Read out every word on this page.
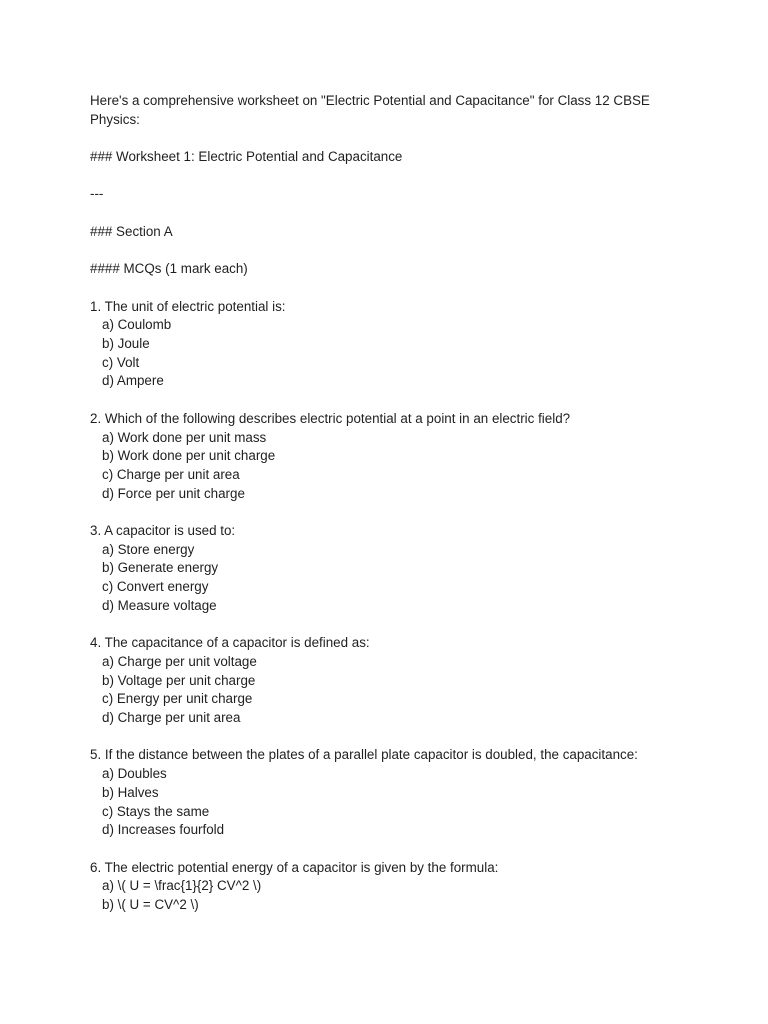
Here's a comprehensive worksheet on "Electric Potential and Capacitance" for Class 12 CBSE Physics:
### Worksheet 1: Electric Potential and Capacitance
---
### Section A
#### MCQs (1 mark each)
1. The unit of electric potential is:
a) Coulomb
b) Joule
c) Volt
d) Ampere
2. Which of the following describes electric potential at a point in an electric field?
a) Work done per unit mass
b) Work done per unit charge
c) Charge per unit area
d) Force per unit charge
3. A capacitor is used to:
a) Store energy
b) Generate energy
c) Convert energy
d) Measure voltage
4. The capacitance of a capacitor is defined as:
a) Charge per unit voltage
b) Voltage per unit charge
c) Energy per unit charge
d) Charge per unit area
5. If the distance between the plates of a parallel plate capacitor is doubled, the capacitance:
a) Doubles
b) Halves
c) Stays the same
d) Increases fourfold
6. The electric potential energy of a capacitor is given by the formula:
a) \( U = \frac{1}{2} CV^2 \)
b) \( U = CV^2 \)
